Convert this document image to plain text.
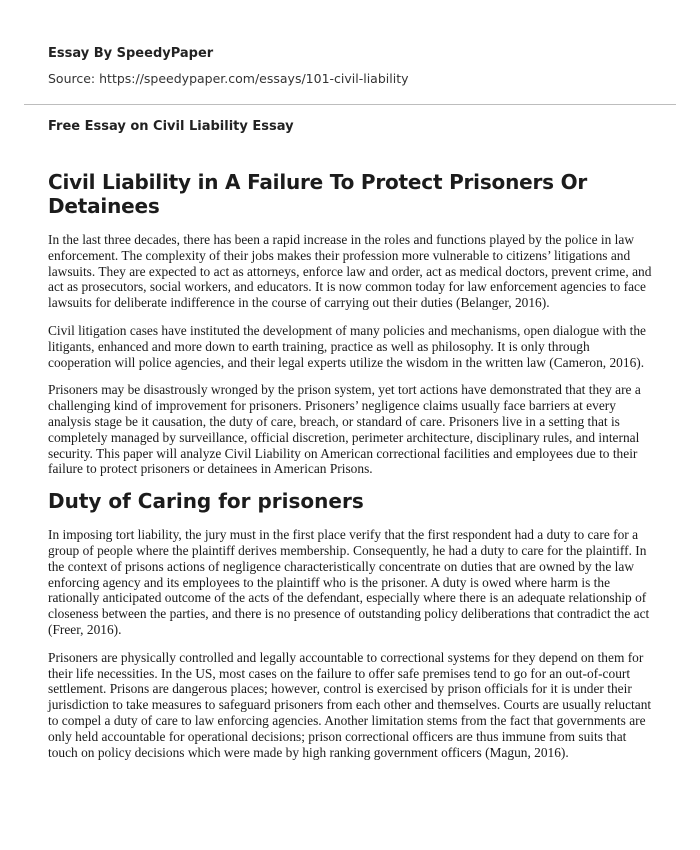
Essay By SpeedyPaper

Source: https://speedypaper.com/essays/101-civil-liability

Free Essay on Civil Liability Essay

Civil Liability in A Failure To Protect Prisoners Or Detainees

In the last three decades, there has been a rapid increase in the roles and functions played by the police in law enforcement. The complexity of their jobs makes their profession more vulnerable to citizens’ litigations and lawsuits. They are expected to act as attorneys, enforce law and order, act as medical doctors, prevent crime, and act as prosecutors, social workers, and educators. It is now common today for law enforcement agencies to face lawsuits for deliberate indifference in the course of carrying out their duties (Belanger, 2016).

Civil litigation cases have instituted the development of many policies and mechanisms, open dialogue with the litigants, enhanced and more down to earth training, practice as well as philosophy. It is only through cooperation will police agencies, and their legal experts utilize the wisdom in the written law (Cameron, 2016).

Prisoners may be disastrously wronged by the prison system, yet tort actions have demonstrated that they are a challenging kind of improvement for prisoners. Prisoners’ negligence claims usually face barriers at every analysis stage be it causation, the duty of care, breach, or standard of care. Prisoners live in a setting that is completely managed by surveillance, official discretion, perimeter architecture, disciplinary rules, and internal security. This paper will analyze Civil Liability on American correctional facilities and employees due to their failure to protect prisoners or detainees in American Prisons.

Duty of Caring for prisoners

In imposing tort liability, the jury must in the first place verify that the first respondent had a duty to care for a group of people where the plaintiff derives membership. Consequently, he had a duty to care for the plaintiff. In the context of prisons actions of negligence characteristically concentrate on duties that are owned by the law enforcing agency and its employees to the plaintiff who is the prisoner. A duty is owed where harm is the rationally anticipated outcome of the acts of the defendant, especially where there is an adequate relationship of closeness between the parties, and there is no presence of outstanding policy deliberations that contradict the act (Freer, 2016).

Prisoners are physically controlled and legally accountable to correctional systems for they depend on them for their life necessities. In the US, most cases on the failure to offer safe premises tend to go for an out-of-court settlement. Prisons are dangerous places; however, control is exercised by prison officials for it is under their jurisdiction to take measures to safeguard prisoners from each other and themselves. Courts are usually reluctant to compel a duty of care to law enforcing agencies. Another limitation stems from the fact that governments are only held accountable for operational decisions; prison correctional officers are thus immune from suits that touch on policy decisions which were made by high ranking government officers (Magun, 2016).
